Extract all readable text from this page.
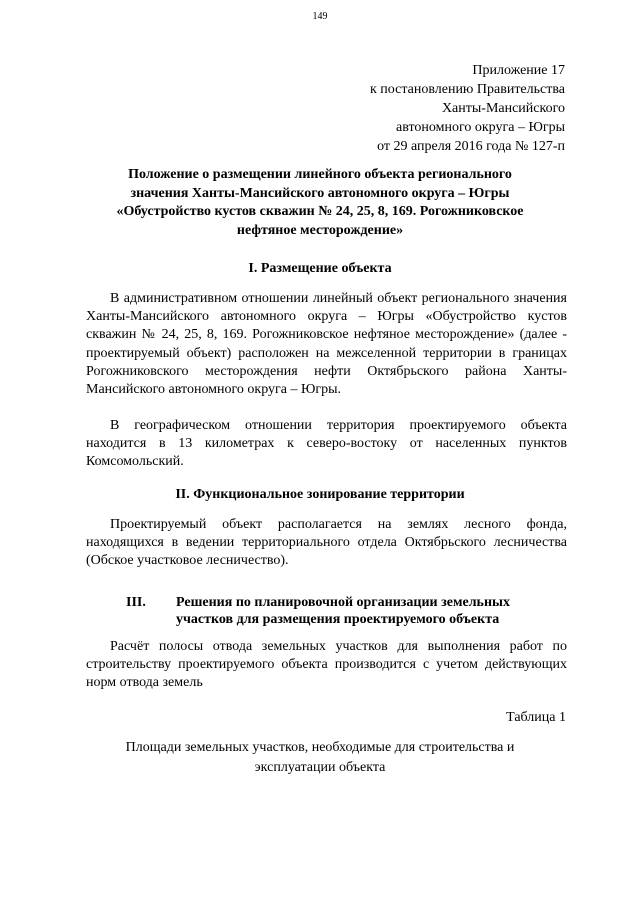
149
Приложение 17
к постановлению Правительства
Ханты-Мансийского
автономного округа – Югры
от 29 апреля 2016 года № 127-п
Положение о размещении линейного объекта регионального
значения Ханты-Мансийского автономного округа – Югры
«Обустройство кустов скважин № 24, 25, 8, 169. Рогожниковское
нефтяное месторождение»
I. Размещение объекта

В административном отношении линейный объект регионального значения Ханты-Мансийского автономного округа – Югры «Обустройство кустов скважин № 24, 25, 8, 169. Рогожниковское нефтяное месторождение» (далее - проектируемый объект) расположен на межселенной территории в границах Рогожниковского месторождения нефти Октябрьского района Ханты-Мансийского автономного округа – Югры.

В географическом отношении территория проектируемого объекта находится в 13 километрах к северо-востоку от населенных пунктов Комсомольский.

II. Функциональное зонирование территории

Проектируемый объект располагается на землях лесного фонда, находящихся в ведении территориального отдела Октябрьского лесничества (Обское участковое лесничество).

III. Решения по планировочной организации земельных
участков для размещения проектируемого объекта

Расчёт полосы отвода земельных участков для выполнения работ по строительству проектируемого объекта производится с учетом действующих норм отвода земель

Таблица 1
Площади земельных участков, необходимые для строительства и
эксплуатации объекта
